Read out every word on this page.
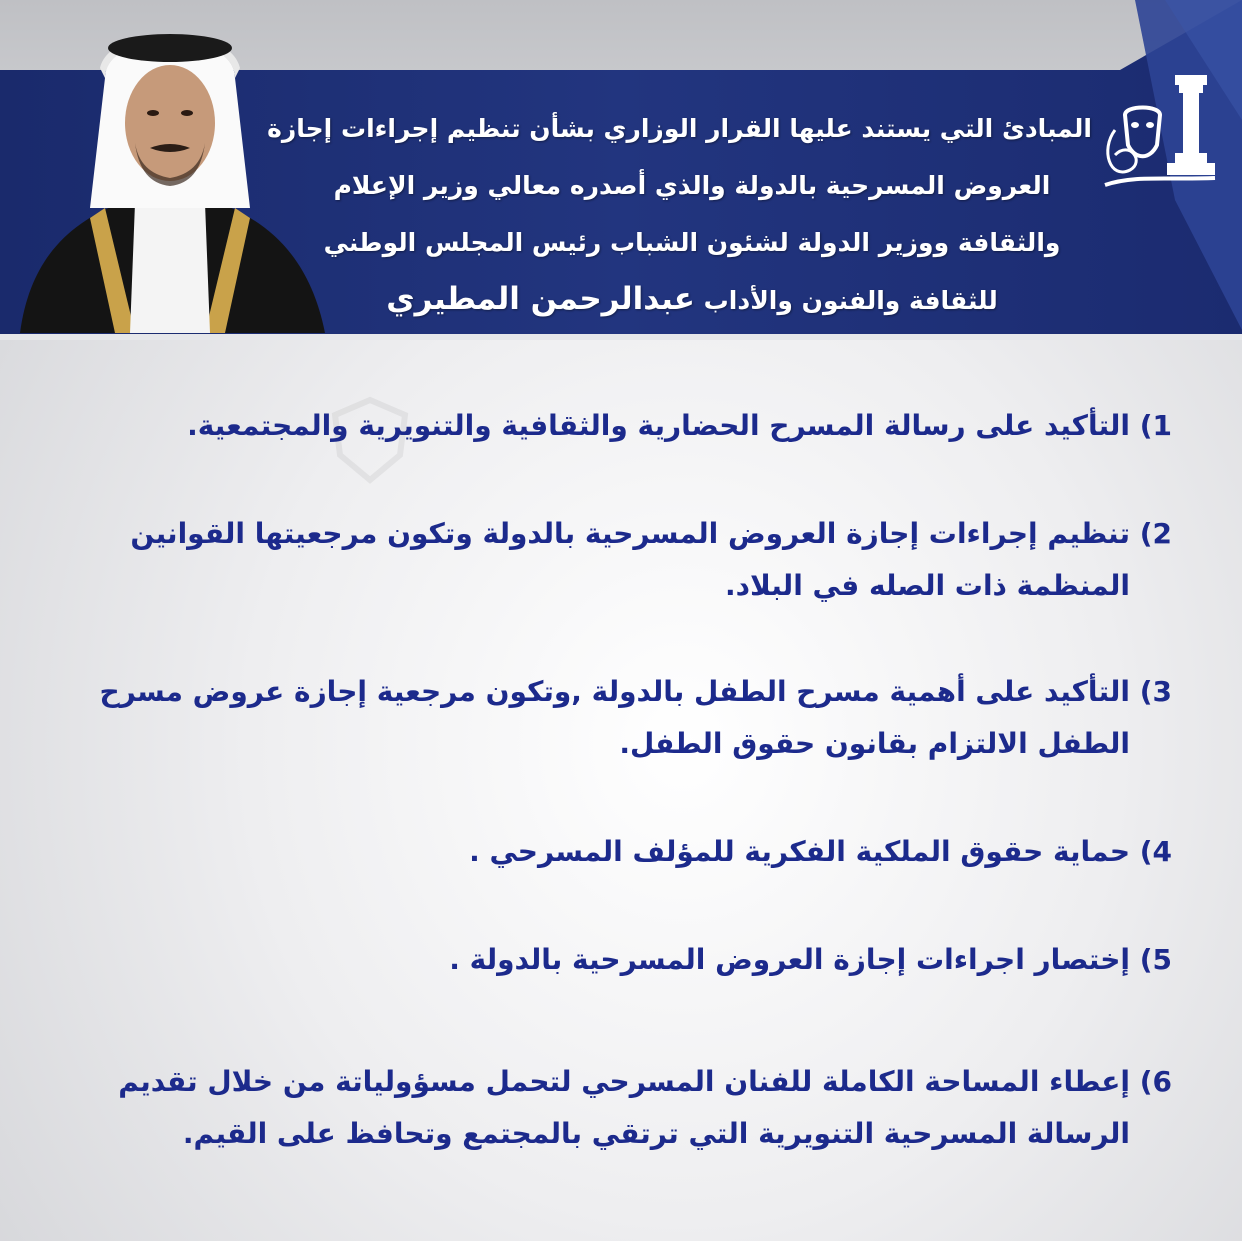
المبادئ التي يستند عليها القرار الوزاري بشأن تنظيم إجراءات إجازة
العروض المسرحية بالدولة والذي أصدره معالي وزير الإعلام
والثقافة ووزير الدولة لشئون الشباب رئيس المجلس الوطني
للثقافة والفنون والأداب عبدالرحمن المطيري
1)
التأكيد على رسالة المسرح الحضارية والثقافية والتنويرية والمجتمعية.
2)
تنظيم إجراءات إجازة العروض المسرحية بالدولة وتكون مرجعيتها القوانين المنظمة ذات الصله في البلاد.
3)
التأكيد على أهمية مسرح الطفل بالدولة ,وتكون مرجعية إجازة عروض مسرح الطفل الالتزام بقانون حقوق الطفل.
4)
حماية حقوق الملكية الفكرية للمؤلف المسرحي .
5)
إختصار اجراءات إجازة العروض المسرحية بالدولة .
6)
إعطاء المساحة الكاملة للفنان المسرحي لتحمل مسؤولياتة من خلال تقديم الرسالة المسرحية التنويرية التي ترتقي بالمجتمع وتحافظ على القيم.
